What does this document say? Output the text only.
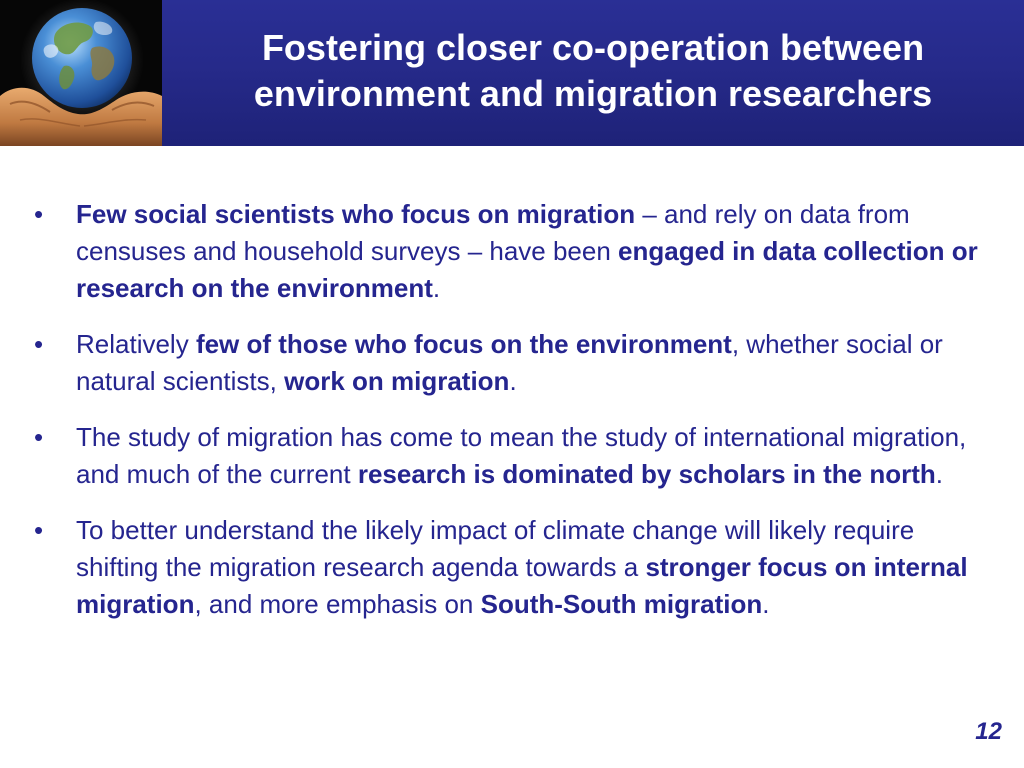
Fostering closer co-operation between
environment and migration researchers
• Few social scientists who focus on migration – and rely on data from censuses and household surveys – have been engaged in data collection or research on the environment.
• Relatively few of those who focus on the environment, whether social or natural scientists, work on migration.
• The study of migration has come to mean the study of international migration, and much of the current research is dominated by scholars in the north.
• To better understand the likely impact of climate change will likely require shifting the migration research agenda towards a stronger focus on internal migration, and more emphasis on South-South migration.
12
